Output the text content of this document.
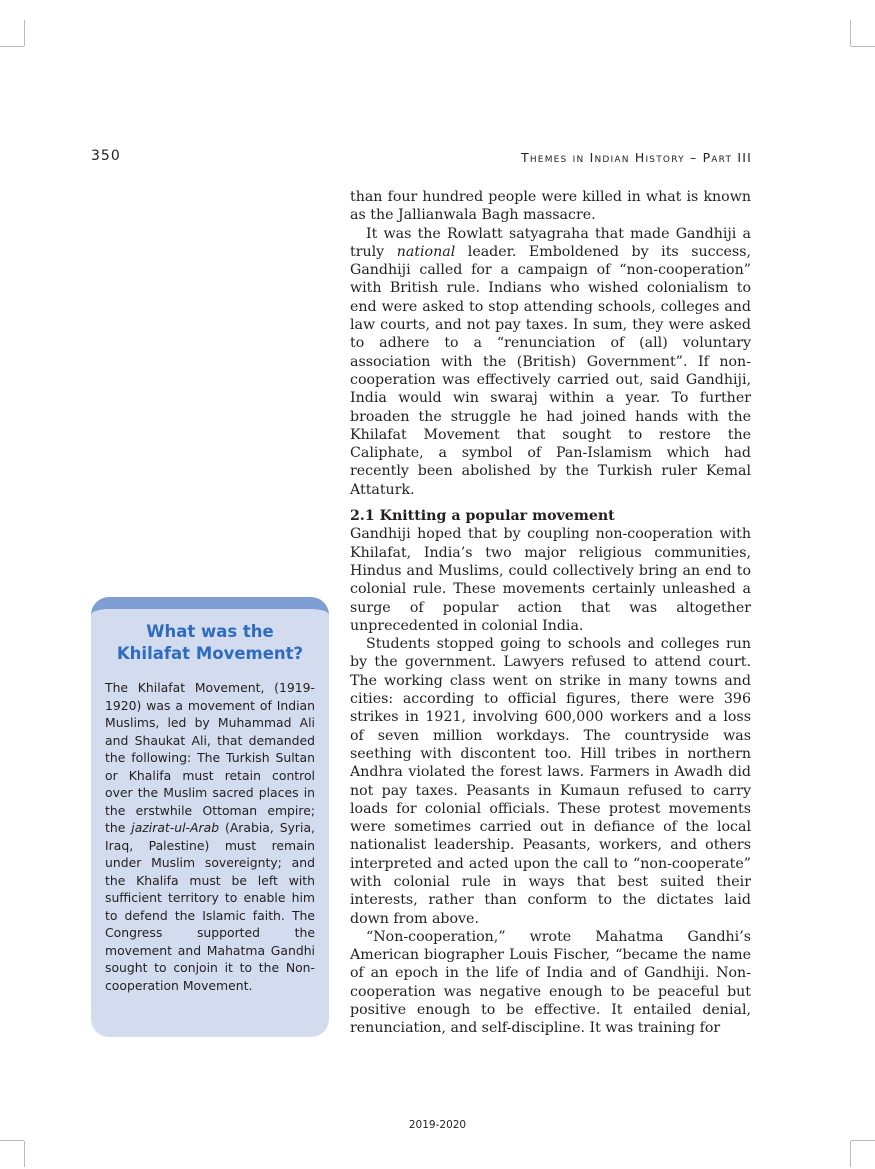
350	Themes in Indian History – Part III

than four hundred people were killed in what is known as the Jallianwala Bagh massacre.

It was the Rowlatt satyagraha that made Gandhiji a truly national leader. Emboldened by its success, Gandhiji called for a campaign of “non-cooperation” with British rule. Indians who wished colonialism to end were asked to stop attending schools, colleges and law courts, and not pay taxes. In sum, they were asked to adhere to a “renunciation of (all) voluntary association with the (British) Government”. If non-cooperation was effectively carried out, said Gandhiji, India would win swaraj within a year. To further broaden the struggle he had joined hands with the Khilafat Movement that sought to restore the Caliphate, a symbol of Pan-Islamism which had recently been abolished by the Turkish ruler Kemal Attaturk.

2.1 Knitting a popular movement

Gandhiji hoped that by coupling non-cooperation with Khilafat, India’s two major religious communities, Hindus and Muslims, could collectively bring an end to colonial rule. These movements certainly unleashed a surge of popular action that was altogether unprecedented in colonial India.

Students stopped going to schools and colleges run by the government. Lawyers refused to attend court. The working class went on strike in many towns and cities: according to official figures, there were 396 strikes in 1921, involving 600,000 workers and a loss of seven million workdays. The countryside was seething with discontent too. Hill tribes in northern Andhra violated the forest laws. Farmers in Awadh did not pay taxes. Peasants in Kumaun refused to carry loads for colonial officials. These protest movements were sometimes carried out in defiance of the local nationalist leadership. Peasants, workers, and others interpreted and acted upon the call to “non-cooperate” with colonial rule in ways that best suited their interests, rather than conform to the dictates laid down from above.

“Non-cooperation,” wrote Mahatma Gandhi’s American biographer Louis Fischer, “became the name of an epoch in the life of India and of Gandhiji. Non-cooperation was negative enough to be peaceful but positive enough to be effective. It entailed denial, renunciation, and self-discipline. It was training for

What was the
Khilafat Movement?
The Khilafat Movement, (1919-1920) was a movement of Indian Muslims, led by Muhammad Ali and Shaukat Ali, that demanded the following: The Turkish Sultan or Khalifa must retain control over the Muslim sacred places in the erstwhile Ottoman empire; the jazirat-ul-Arab (Arabia, Syria, Iraq, Palestine) must remain under Muslim sovereignty; and the Khalifa must be left with sufficient territory to enable him to defend the Islamic faith. The Congress supported the movement and Mahatma Gandhi sought to conjoin it to the Non-cooperation Movement.
2019-2020
